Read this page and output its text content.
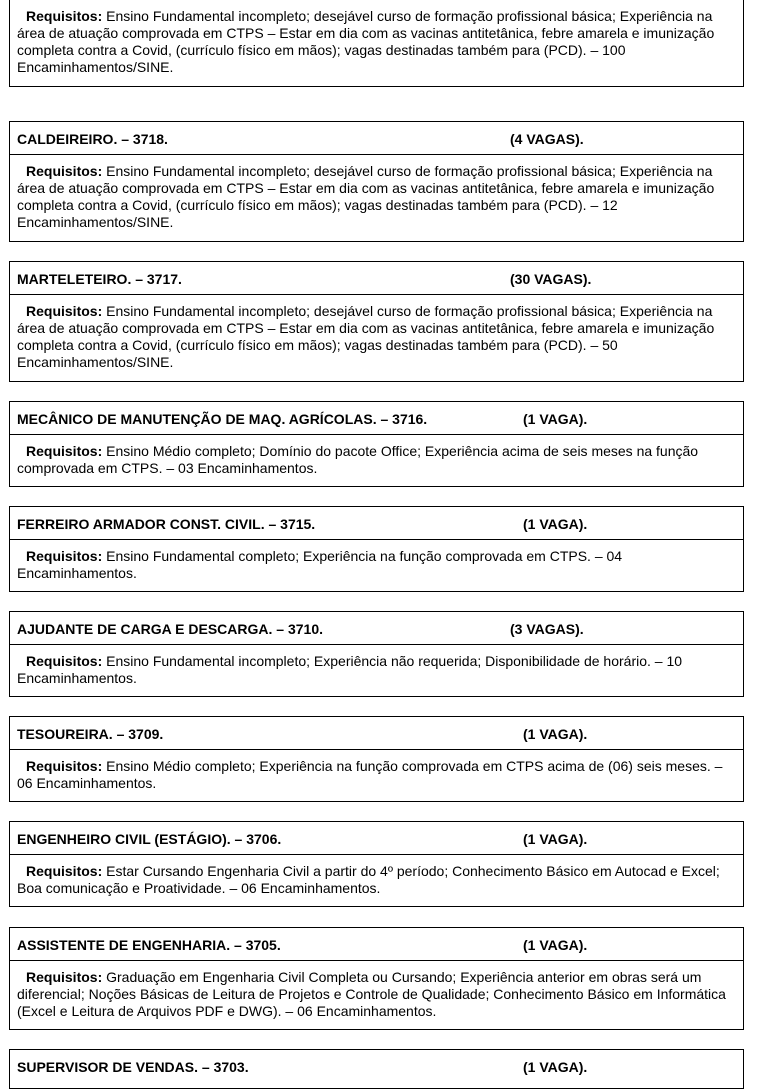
Requisitos: Ensino Fundamental incompleto; desejável curso de formação profissional básica; Experiência na área de atuação comprovada em CTPS – Estar em dia com as vacinas antitetânica, febre amarela e imunização completa contra a Covid, (currículo físico em mãos); vagas destinadas também para (PCD). – 100 Encaminhamentos/SINE.
CALDEIREIRO. – 3718.	(4 VAGAS).
Requisitos: Ensino Fundamental incompleto; desejável curso de formação profissional básica; Experiência na área de atuação comprovada em CTPS – Estar em dia com as vacinas antitetânica, febre amarela e imunização completa contra a Covid, (currículo físico em mãos); vagas destinadas também para (PCD). – 12 Encaminhamentos/SINE.
MARTELETEIRO. – 3717.	(30 VAGAS).
Requisitos: Ensino Fundamental incompleto; desejável curso de formação profissional básica; Experiência na área de atuação comprovada em CTPS – Estar em dia com as vacinas antitetânica, febre amarela e imunização completa contra a Covid, (currículo físico em mãos); vagas destinadas também para (PCD). – 50 Encaminhamentos/SINE.
MECÂNICO DE MANUTENÇÃO DE MAQ. AGRÍCOLAS. – 3716.	(1 VAGA).
Requisitos: Ensino Médio completo; Domínio do pacote Office; Experiência acima de seis meses na função comprovada em CTPS. – 03 Encaminhamentos.
FERREIRO ARMADOR CONST. CIVIL. – 3715.	(1 VAGA).
Requisitos: Ensino Fundamental completo; Experiência na função comprovada em CTPS. – 04 Encaminhamentos.
AJUDANTE DE CARGA E DESCARGA. – 3710.	(3 VAGAS).
Requisitos: Ensino Fundamental incompleto; Experiência não requerida; Disponibilidade de horário. – 10 Encaminhamentos.
TESOUREIRA. – 3709.	(1 VAGA).
Requisitos: Ensino Médio completo; Experiência na função comprovada em CTPS acima de (06) seis meses. – 06 Encaminhamentos.
ENGENHEIRO CIVIL (ESTÁGIO). – 3706.	(1 VAGA).
Requisitos: Estar Cursando Engenharia Civil a partir do 4º período; Conhecimento Básico em Autocad e Excel; Boa comunicação e Proatividade. – 06 Encaminhamentos.
ASSISTENTE DE ENGENHARIA. – 3705.	(1 VAGA).
Requisitos: Graduação em Engenharia Civil Completa ou Cursando; Experiência anterior em obras será um diferencial; Noções Básicas de Leitura de Projetos e Controle de Qualidade; Conhecimento Básico em Informática (Excel e Leitura de Arquivos PDF e DWG). – 06 Encaminhamentos.
SUPERVISOR DE VENDAS. – 3703.	(1 VAGA).
